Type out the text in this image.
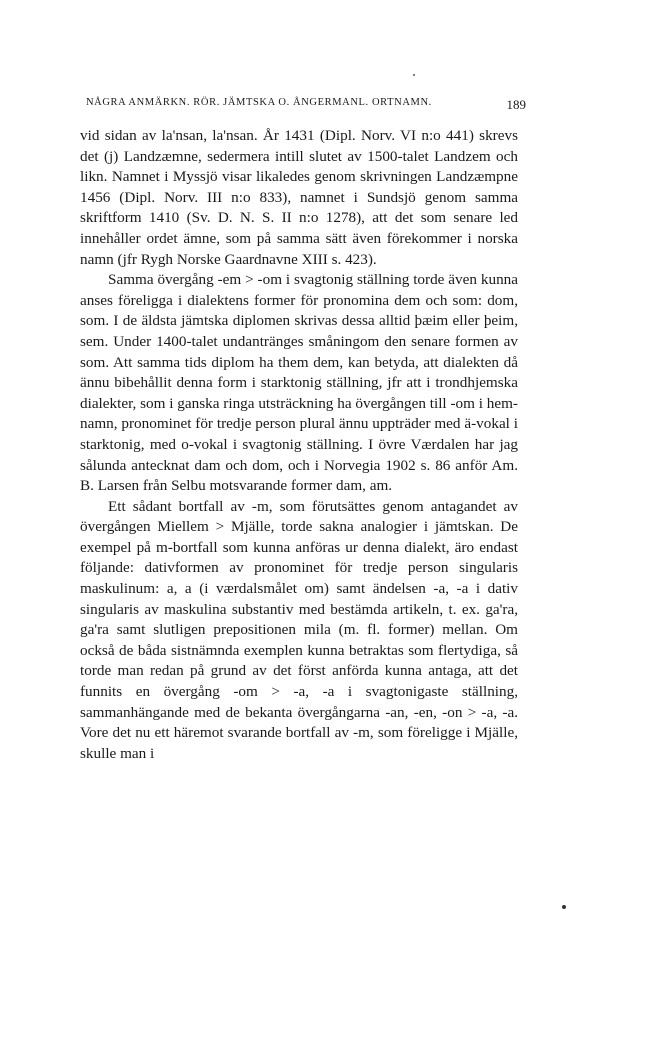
NÅGRA ANMÄRKN. RÖR. JÄMTSKA O. ÅNGERMANL. ORTNAMN.	189

vid sidan av la'nsan, la'nsan. År 1431 (Dipl. Norv. VI n:o 441) skrevs det (j) Landzæmne, sedermera intill slutet av 1500-talet Landzem och likn. Namnet i Myssjö visar likaledes genom skrivningen Landzæmpne 1456 (Dipl. Norv. III n:o 833), namnet i Sundsjö genom samma skriftform 1410 (Sv. D. N. S. II n:o 1278), att det som senare led innehåller ordet ämne, som på samma sätt även förekommer i norska namn (jfr Rygh Norske Gaardnavne XIII s. 423).

Samma övergång -em > -om i svagtonig ställning torde även kunna anses föreligga i dialektens former för pronomina dem och som: dom, som. I de äldsta jämtska diplomen skrivas dessa alltid þæim eller þeim, sem. Under 1400-talet undantränges småningom den senare formen av som. Att samma tids diplom ha them dem, kan betyda, att dialekten då ännu bibehållit denna form i starktonig ställning, jfr att i trondhjemska dialekter, som i ganska ringa utsträckning ha övergången till -om i hem-namn, pronominet för tredje person plural ännu uppträder med ä-vokal i starktonig, med o-vokal i svagtonig ställning. I övre Værdalen har jag sålunda antecknat dam och dom, och i Norvegia 1902 s. 86 anför Am. B. Larsen från Selbu motsvarande former dam, am.

Ett sådant bortfall av -m, som förutsättes genom antagandet av övergången Miellem > Mjälle, torde sakna analogier i jämtskan. De exempel på m-bortfall som kunna anföras ur denna dialekt, äro endast följande: dativformen av pronominet för tredje person singularis maskulinum: a, a (i værdalsmålet om) samt ändelsen -a, -a i dativ singularis av maskulina substantiv med bestämda artikeln, t. ex. ga'ra, ga'ra samt slutligen prepositionen mila (m. fl. former) mellan. Om också de båda sistnämnda exemplen kunna betraktas som flertydiga, så torde man redan på grund av det först anförda kunna antaga, att det funnits en övergång -om > -a, -a i svagtonigaste ställning, sammanhängande med de bekanta övergångarna -an, -en, -on > -a, -a. Vore det nu ett häremot svarande bortfall av -m, som föreligge i Mjälle, skulle man i
